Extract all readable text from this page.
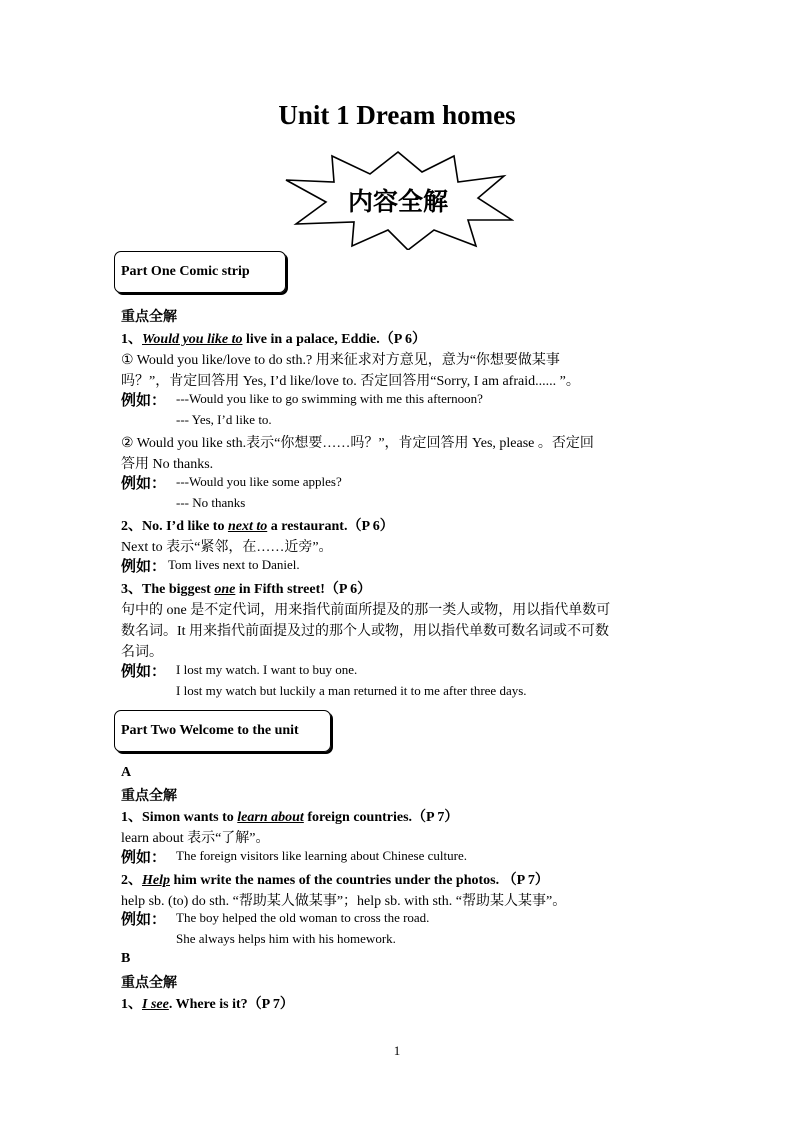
Unit 1 Dream homes
内容全解
Part One Comic strip
重点全解
1、Would you like to live in a palace, Eddie.（P 6）
① Would you like/love to do sth.? 用来征求对方意见，意为“你想要做某事
吗？”，肯定回答用 Yes, I’d like/love to. 否定回答用“Sorry, I am afraid...... ”。
例如： ---Would you like to go swimming with me this afternoon?
--- Yes, I’d like to.
② Would you like sth.表示“你想要……吗？”，肯定回答用 Yes, please 。否定回
答用 No thanks.
例如： ---Would you like some apples?
--- No thanks
2、No. I’d like to next to a restaurant.（P 6）
Next to 表示“紧邻，在……近旁”。
例如： Tom lives next to Daniel.
3、The biggest one in Fifth street!（P 6）
句中的 one 是不定代词，用来指代前面所提及的那一类人或物，用以指代单数可
数名词。It 用来指代前面提及过的那个人或物，用以指代单数可数名词或不可数
名词。
例如： I lost my watch. I want to buy one.
I lost my watch but luckily a man returned it to me after three days.
Part Two Welcome to the unit
A
重点全解
1、Simon wants to learn about foreign countries.（P 7）
learn about 表示“了解”。
例如： The foreign visitors like learning about Chinese culture.
2、Help him write the names of the countries under the photos. （P 7）
help sb. (to) do sth. “帮助某人做某事”；help sb. with sth. “帮助某人某事”。
例如： The boy helped the old woman to cross the road.
She always helps him with his homework.
B
重点全解
1、I see. Where is it?（P 7）
1
